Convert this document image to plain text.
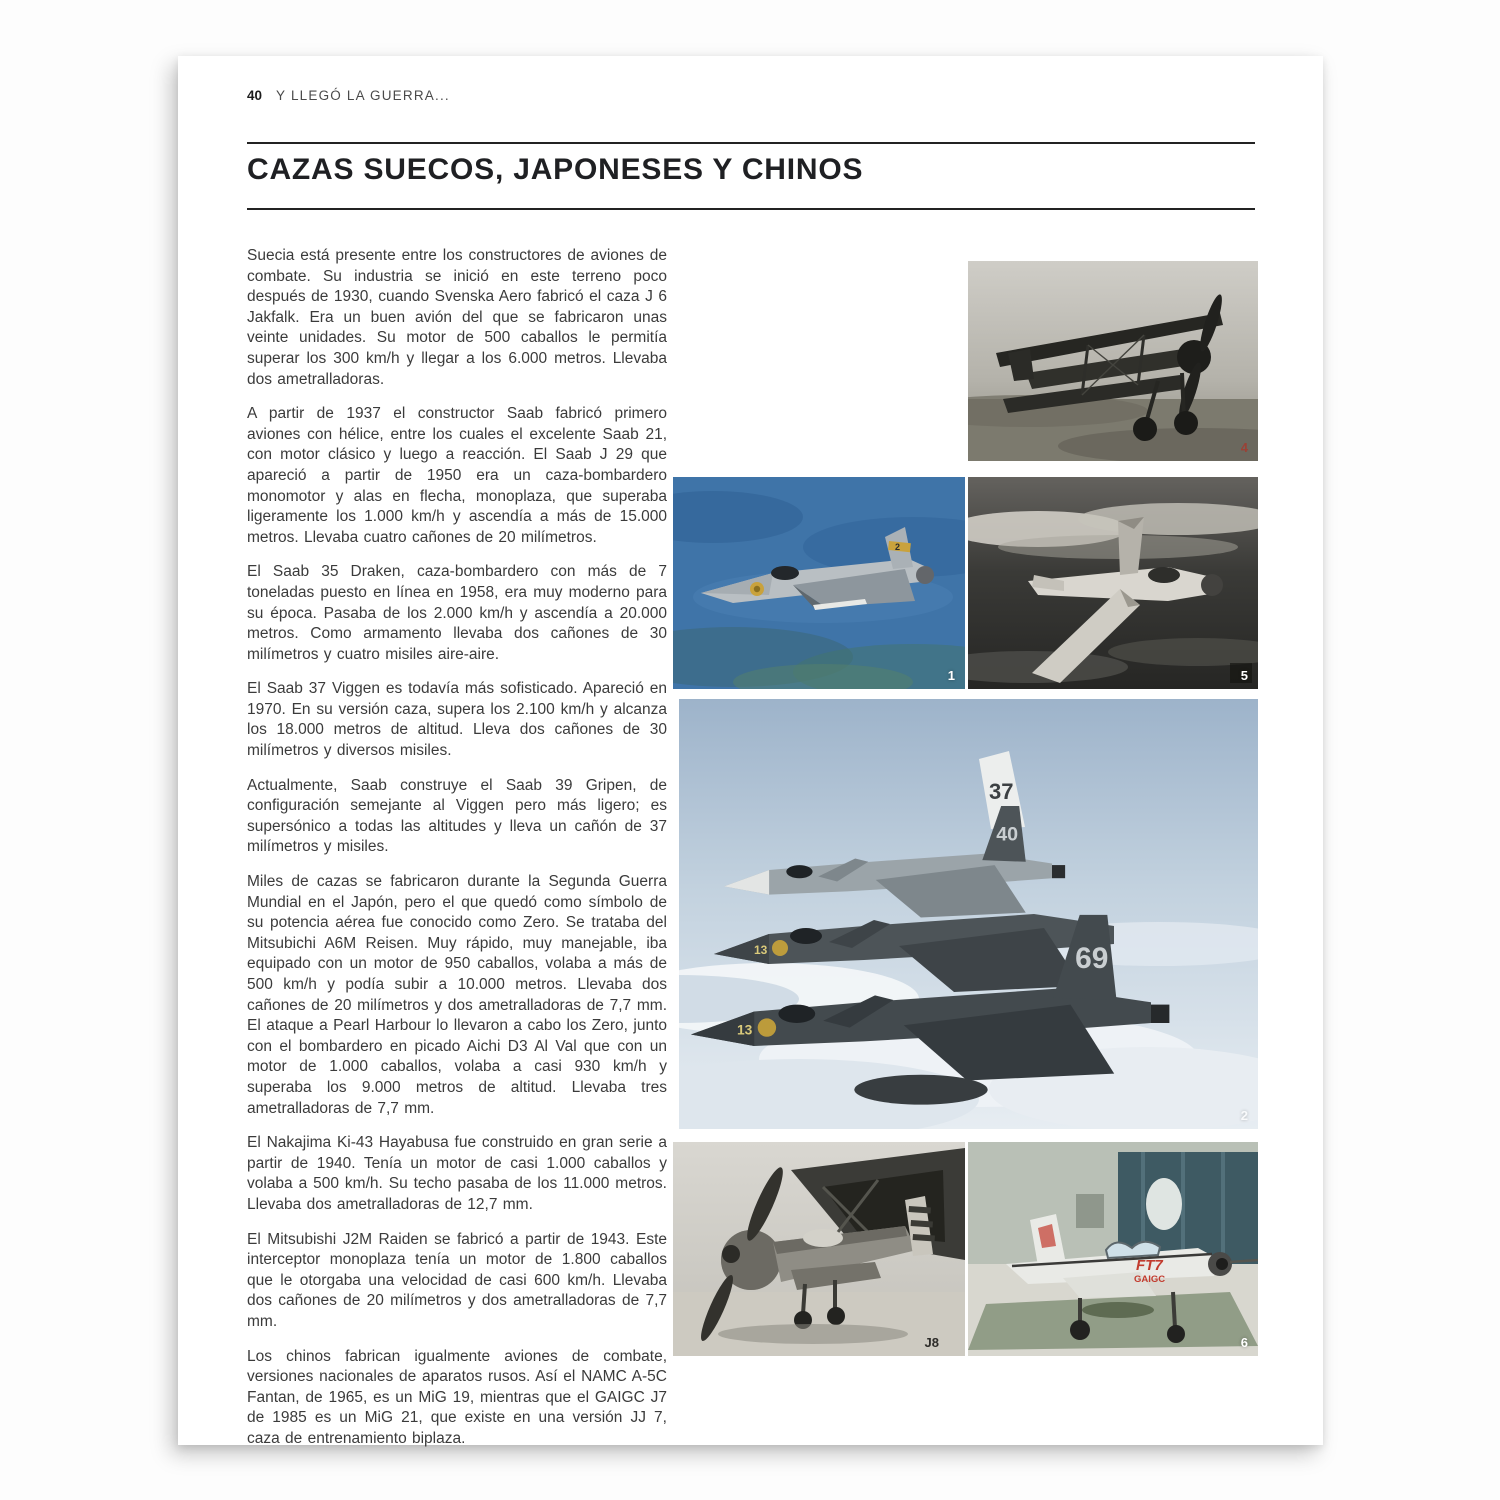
40 Y LLEGÓ LA GUERRA...
CAZAS SUECOS, JAPONESES Y CHINOS

Suecia está presente entre los constructores de aviones de combate. Su industria se inició en este terreno poco después de 1930, cuando Svenska Aero fabricó el caza J 6 Jakfalk. Era un buen avión del que se fabricaron unas veinte unidades. Su motor de 500 caballos le permitía superar los 300 km/h y llegar a los 6.000 metros. Llevaba dos ametralladoras.

A partir de 1937 el constructor Saab fabricó primero aviones con hélice, entre los cuales el excelente Saab 21, con motor clásico y luego a reacción. El Saab J 29 que apareció a partir de 1950 era un caza-bombardero monomotor y alas en flecha, monoplaza, que superaba ligeramente los 1.000 km/h y ascendía a más de 15.000 metros. Llevaba cuatro cañones de 20 milímetros.

El Saab 35 Draken, caza-bombardero con más de 7 toneladas puesto en línea en 1958, era muy moderno para su época. Pasaba de los 2.000 km/h y ascendía a 20.000 metros. Como armamento llevaba dos cañones de 30 milímetros y cuatro misiles aire-aire.

El Saab 37 Viggen es todavía más sofisticado. Apareció en 1970. En su versión caza, supera los 2.100 km/h y alcanza los 18.000 metros de altitud. Lleva dos cañones de 30 milímetros y diversos misiles.

Actualmente, Saab construye el Saab 39 Gripen, de configuración semejante al Viggen pero más ligero; es supersónico a todas las altitudes y lleva un cañón de 37 milímetros y misiles.

Miles de cazas se fabricaron durante la Segunda Guerra Mundial en el Japón, pero el que quedó como símbolo de su potencia aérea fue conocido como Zero. Se trataba del Mitsubichi A6M Reisen. Muy rápido, muy manejable, iba equipado con un motor de 950 caballos, volaba a más de 500 km/h y podía subir a 10.000 metros. Llevaba dos cañones de 20 milímetros y dos ametralladoras de 7,7 mm. El ataque a Pearl Harbour lo llevaron a cabo los Zero, junto con el bombardero en picado Aichi D3 Al Val que con un motor de 1.000 caballos, volaba a casi 930 km/h y superaba los 9.000 metros de altitud. Llevaba tres ametralladoras de 7,7 mm.

El Nakajima Ki-43 Hayabusa fue construido en gran serie a partir de 1940. Tenía un motor de casi 1.000 caballos y volaba a 500 km/h. Su techo pasaba de los 11.000 metros. Llevaba dos ametralladoras de 12,7 mm.

El Mitsubishi J2M Raiden se fabricó a partir de 1943. Este interceptor monoplaza tenía un motor de 1.800 caballos que le otorgaba una velocidad de casi 600 km/h. Llevaba dos cañones de 20 milímetros y dos ametralladoras de 7,7 mm.

Los chinos fabrican igualmente aviones de combate, versiones nacionales de aparatos rusos. Así el NAMC A-5C Fantan, de 1965, es un MiG 19, mientras que el GAIGC J7 de 1985 es un MiG 21, que existe en una versión JJ 7, caza de entrenamiento biplaza.

4
2
1	5
37
40
13
13
69
2
J8
FT7
GAIGC
6
